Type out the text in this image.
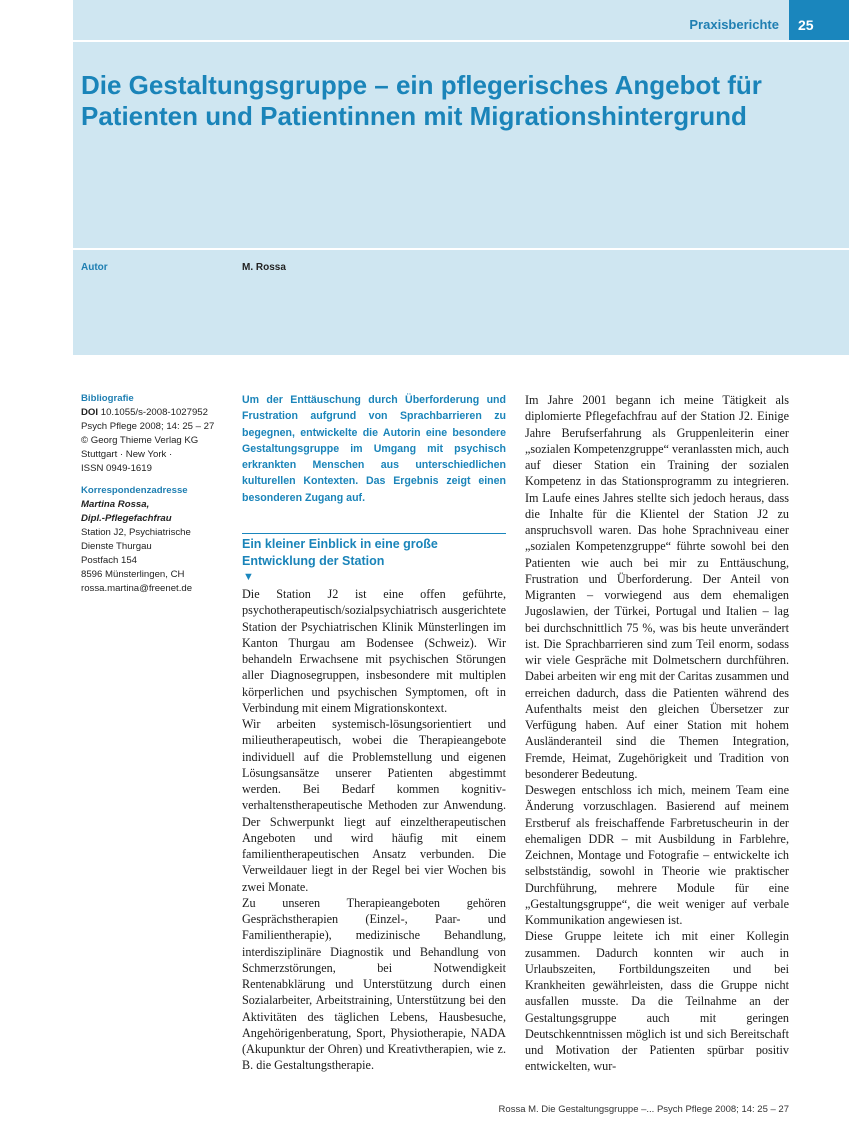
Praxisberichte	25
Die Gestaltungsgruppe – ein pflegerisches Angebot für Patienten und Patientinnen mit Migrationshintergrund
Autor	M. Rossa
Bibliografie
DOI 10.1055/s-2008-1027952
Psych Pflege 2008; 14: 25 – 27
© Georg Thieme Verlag KG
Stuttgart · New York ·
ISSN 0949-1619
Korrespondenzadresse
Martina Rossa,
Dipl.-Pflegefachfrau
Station J2, Psychiatrische
Dienste Thurgau
Postfach 154
8596 Münsterlingen, CH
rossa.martina@freenet.de

Um der Enttäuschung durch Überforderung und Frustration aufgrund von Sprachbarrieren zu begegnen, entwickelte die Autorin eine besondere Gestaltungsgruppe im Umgang mit psychisch erkrankten Menschen aus unterschiedlichen kulturellen Kontexten. Das Ergebnis zeigt einen besonderen Zugang auf.

Ein kleiner Einblick in eine große Entwicklung der Station
▼

Die Station J2 ist eine offen geführte, psychotherapeutisch/sozialpsychiatrisch ausgerichtete Station der Psychiatrischen Klinik Münsterlingen im Kanton Thurgau am Bodensee (Schweiz). Wir behandeln Erwachsene mit psychischen Störungen aller Diagnosegruppen, insbesondere mit multiplen körperlichen und psychischen Symptomen, oft in Verbindung mit einem Migrationskontext.

Wir arbeiten systemisch-lösungsorientiert und milieutherapeutisch, wobei die Therapieangebote individuell auf die Problemstellung und eigenen Lösungsansätze unserer Patienten abgestimmt werden. Bei Bedarf kommen kognitiv-verhaltenstherapeutische Methoden zur Anwendung. Der Schwerpunkt liegt auf einzeltherapeutischen Angeboten und wird häufig mit einem familientherapeutischen Ansatz verbunden. Die Verweildauer liegt in der Regel bei vier Wochen bis zwei Monate.

Zu unseren Therapieangeboten gehören Gesprächstherapien (Einzel-, Paar- und Familientherapie), medizinische Behandlung, interdisziplinäre Diagnostik und Behandlung von Schmerzstörungen, bei Notwendigkeit Rentenabklärung und Unterstützung durch einen Sozialarbeiter, Arbeitstraining, Unterstützung bei den Aktivitäten des täglichen Lebens, Hausbesuche, Angehörigenberatung, Sport, Physiotherapie, NADA (Akupunktur der Ohren) und Kreativtherapien, wie z. B. die Gestaltungstherapie.

Im Jahre 2001 begann ich meine Tätigkeit als diplomierte Pflegefachfrau auf der Station J2. Einige Jahre Berufserfahrung als Gruppenleiterin einer „sozialen Kompetenzgruppe“ veranlassten mich, auch auf dieser Station ein Training der sozialen Kompetenz in das Stationsprogramm zu integrieren. Im Laufe eines Jahres stellte sich jedoch heraus, dass die Inhalte für die Klientel der Station J2 zu anspruchsvoll waren. Das hohe Sprachniveau einer „sozialen Kompetenzgruppe“ führte sowohl bei den Patienten wie auch bei mir zu Enttäuschung, Frustration und Überforderung. Der Anteil von Migranten – vorwiegend aus dem ehemaligen Jugoslawien, der Türkei, Portugal und Italien – lag bei durchschnittlich 75 %, was bis heute unverändert ist. Die Sprachbarrieren sind zum Teil enorm, sodass wir viele Gespräche mit Dolmetschern durchführen. Dabei arbeiten wir eng mit der Caritas zusammen und erreichen dadurch, dass die Patienten während des Aufenthalts meist den gleichen Übersetzer zur Verfügung haben. Auf einer Station mit hohem Ausländeranteil sind die Themen Integration, Fremde, Heimat, Zugehörigkeit und Tradition von besonderer Bedeutung.

Deswegen entschloss ich mich, meinem Team eine Änderung vorzuschlagen. Basierend auf meinem Erstberuf als freischaffende Farbretuscheurin in der ehemaligen DDR – mit Ausbildung in Farblehre, Zeichnen, Montage und Fotografie – entwickelte ich selbstständig, sowohl in Theorie wie praktischer Durchführung, mehrere Module für eine „Gestaltungsgruppe“, die weit weniger auf verbale Kommunikation angewiesen ist.

Diese Gruppe leitete ich mit einer Kollegin zusammen. Dadurch konnten wir auch in Urlaubszeiten, Fortbildungszeiten und bei Krankheiten gewährleisten, dass die Gruppe nicht ausfallen musste. Da die Teilnahme an der Gestaltungsgruppe auch mit geringen Deutschkenntnissen möglich ist und sich Bereitschaft und Motivation der Patienten spürbar positiv entwickelten, wur-

Rossa M. Die Gestaltungsgruppe –... Psych Pflege 2008; 14: 25 – 27
